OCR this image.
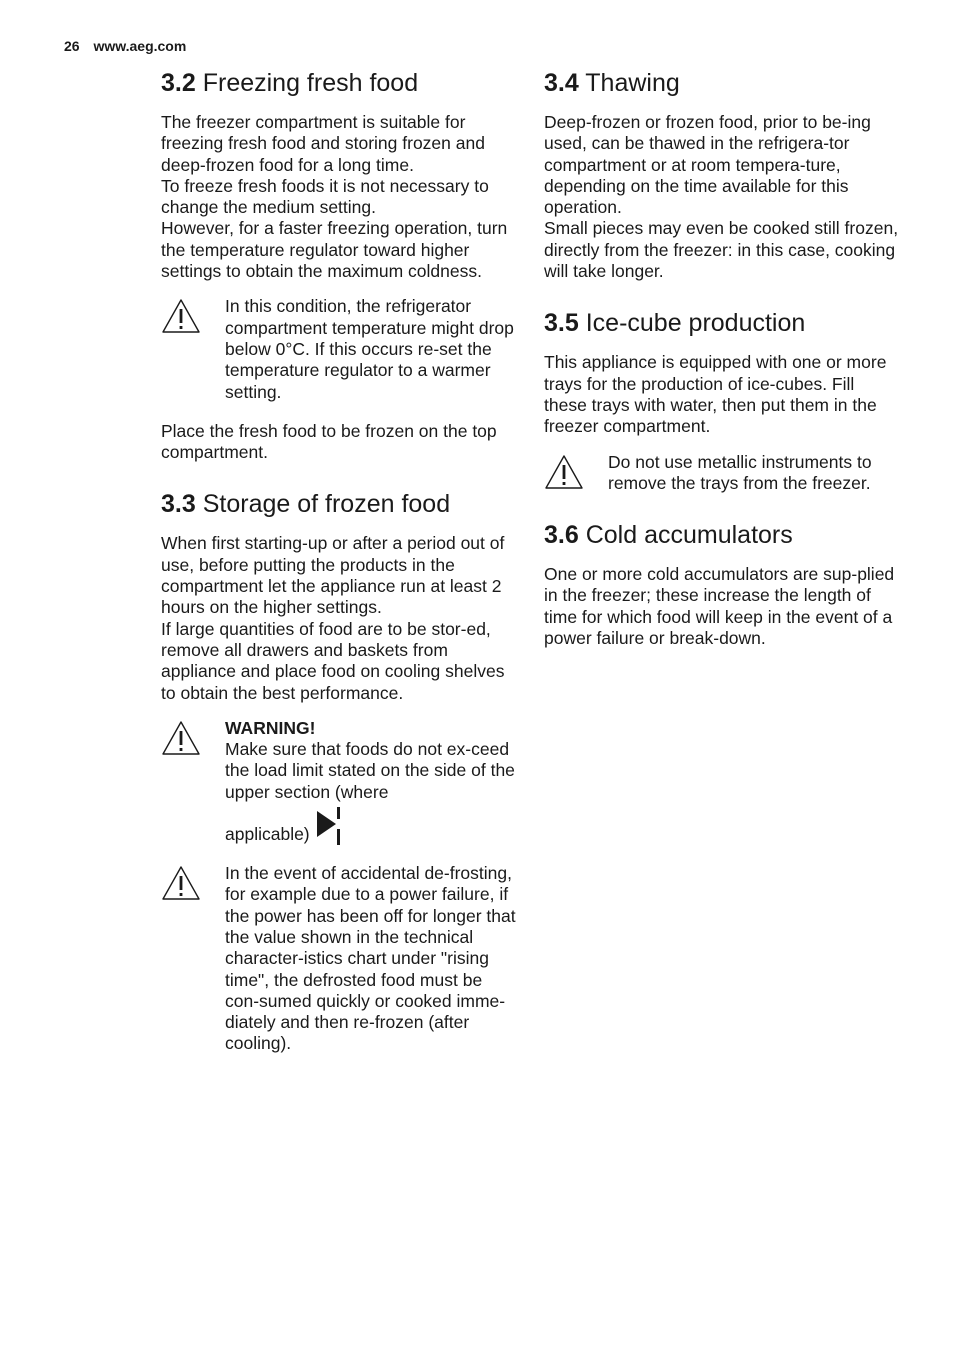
26 www.aeg.com
3.2 Freezing fresh food

The freezer compartment is suitable for freezing fresh food and storing frozen and deep-frozen food for a long time.

To freeze fresh foods it is not necessary to change the medium setting.

However, for a faster freezing operation, turn the temperature regulator toward higher settings to obtain the maximum coldness.

In this condition, the refrigerator compartment temperature might drop below 0°C. If this occurs re-set the temperature regulator to a warmer setting.

Place the fresh food to be frozen on the top compartment.

3.3 Storage of frozen food

When first starting-up or after a period out of use, before putting the products in the compartment let the appliance run at least 2 hours on the higher settings.

If large quantities of food are to be stor-ed, remove all drawers and baskets from appliance and place food on cooling shelves to obtain the best performance.

WARNING!
Make sure that foods do not ex-ceed the load limit stated on the side of the upper section (where

applicable)

In the event of accidental de-frosting, for example due to a power failure, if the power has been off for longer that the value shown in the technical character-istics chart under "rising time", the defrosted food must be con-sumed quickly or cooked imme-diately and then re-frozen (after cooling).

3.4 Thawing

Deep-frozen or frozen food, prior to be-ing used, can be thawed in the refrigera-tor compartment or at room tempera-ture, depending on the time available for this operation.

Small pieces may even be cooked still frozen, directly from the freezer: in this case, cooking will take longer.

3.5 Ice-cube production

This appliance is equipped with one or more trays for the production of ice-cubes. Fill these trays with water, then put them in the freezer compartment.

Do not use metallic instruments to remove the trays from the freezer.

3.6 Cold accumulators

One or more cold accumulators are sup-plied in the freezer; these increase the length of time for which food will keep in the event of a power failure or break-down.
